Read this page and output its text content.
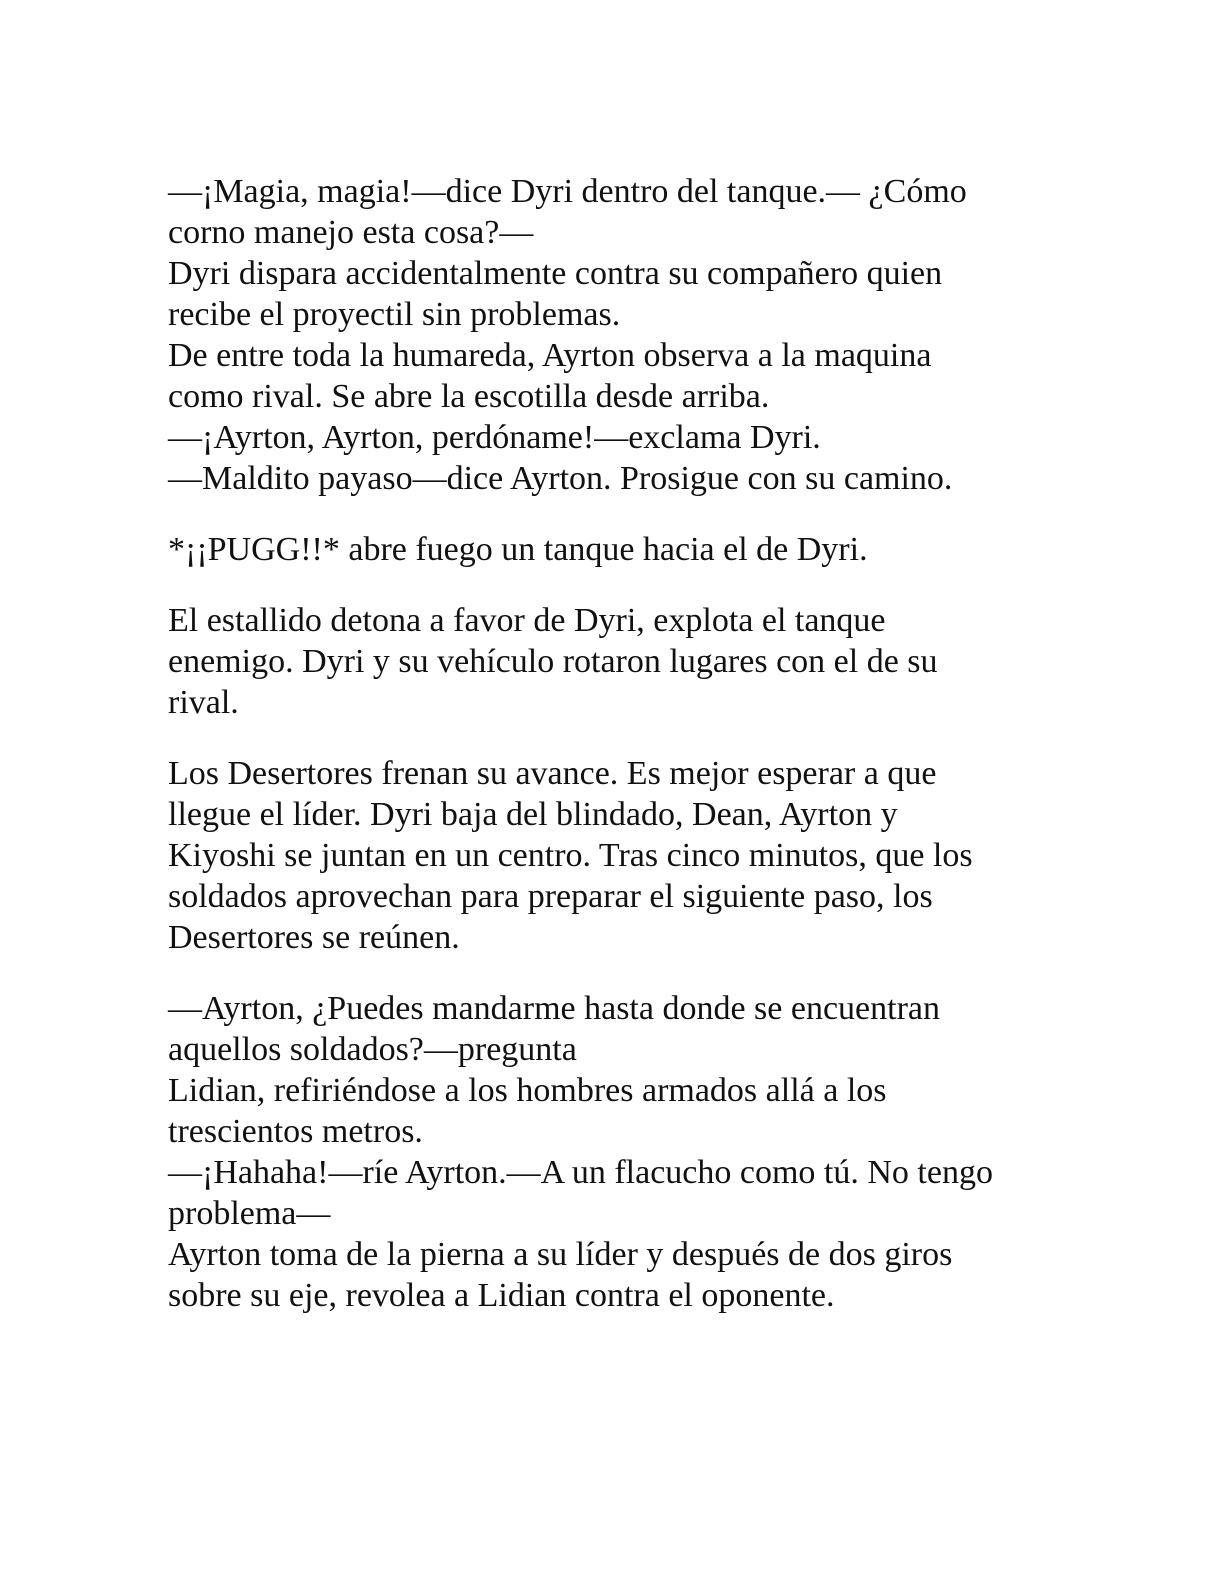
—¡Magia, magia!—dice Dyri dentro del tanque.— ¿Cómo
corno manejo esta cosa?—
Dyri dispara accidentalmente contra su compañero quien
recibe el proyectil sin problemas.
De entre toda la humareda, Ayrton observa a la maquina
como rival. Se abre la escotilla desde arriba.
—¡Ayrton, Ayrton, perdóname!—exclama Dyri.
—Maldito payaso—dice Ayrton. Prosigue con su camino.
*¡¡PUGG!!* abre fuego un tanque hacia el de Dyri.
El estallido detona a favor de Dyri, explota el tanque
enemigo. Dyri y su vehículo rotaron lugares con el de su
rival.
Los Desertores frenan su avance. Es mejor esperar a que
llegue el líder. Dyri baja del blindado, Dean, Ayrton y
Kiyoshi se juntan en un centro. Tras cinco minutos, que los
soldados aprovechan para preparar el siguiente paso, los
Desertores se reúnen.
—Ayrton, ¿Puedes mandarme hasta donde se encuentran
aquellos soldados?—pregunta
Lidian, refiriéndose a los hombres armados allá a los
trescientos metros.
—¡Hahaha!—ríe Ayrton.—A un flacucho como tú. No tengo
problema—
Ayrton toma de la pierna a su líder y después de dos giros
sobre su eje, revolea a Lidian contra el oponente.
